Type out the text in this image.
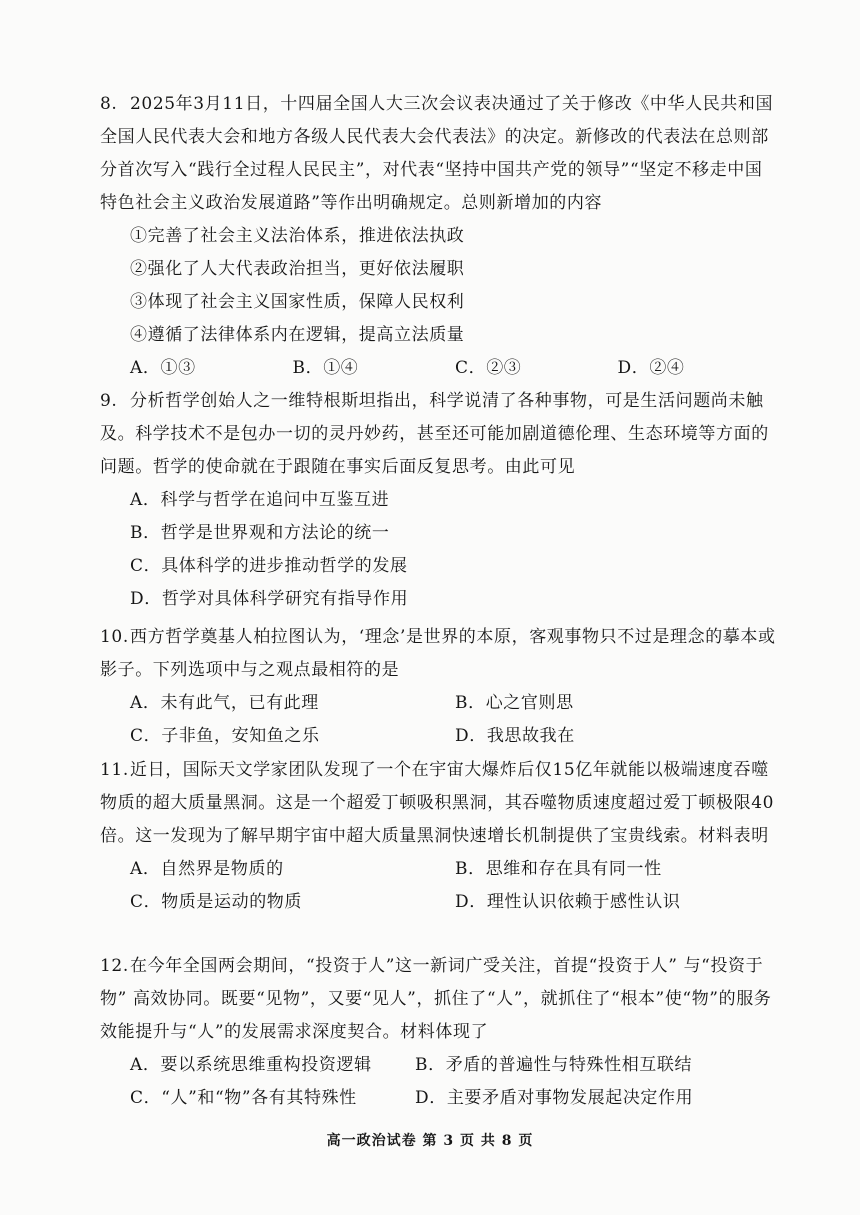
8. 2025年3月11日，十四届全国人大三次会议表决通过了关于修改《中华人民共和国全国人民代表大会和地方各级人民代表大会代表法》的决定。新修改的代表法在总则部分首次写入“践行全过程人民民主”，对代表“坚持中国共产党的领导”“坚定不移走中国特色社会主义政治发展道路”等作出明确规定。总则新增加的内容

①完善了社会主义法治体系，推进依法执政

②强化了人大代表政治担当，更好依法履职

③体现了社会主义国家性质，保障人民权利

④遵循了法律体系内在逻辑，提高立法质量

A．①③	B．①④	C．②③	D．②④

9. 分析哲学创始人之一维特根斯坦指出，科学说清了各种事物，可是生活问题尚未触及。科学技术不是包办一切的灵丹妙药，甚至还可能加剧道德伦理、生态环境等方面的问题。哲学的使命就在于跟随在事实后面反复思考。由此可见

A．科学与哲学在追问中互鉴互进

B．哲学是世界观和方法论的统一

C．具体科学的进步推动哲学的发展

D．哲学对具体科学研究有指导作用

10.西方哲学奠基人柏拉图认为，‘理念’是世界的本原，客观事物只不过是理念的摹本或影子。下列选项中与之观点最相符的是

A．未有此气，已有此理	B．心之官则思
C．子非鱼，安知鱼之乐	D．我思故我在

11.近日，国际天文学家团队发现了一个在宇宙大爆炸后仅15亿年就能以极端速度吞噬物质的超大质量黑洞。这是一个超爱丁顿吸积黑洞，其吞噬物质速度超过爱丁顿极限40倍。这一发现为了解早期宇宙中超大质量黑洞快速增长机制提供了宝贵线索。材料表明

A．自然界是物质的	B．思维和存在具有同一性
C．物质是运动的物质	D．理性认识依赖于感性认识

12.在今年全国两会期间，“投资于人”这一新词广受关注，首提“投资于人” 与“投资于物” 高效协同。既要“见物”，又要“见人”，抓住了“人”，就抓住了“根本”使“物”的服务效能提升与“人”的发展需求深度契合。材料体现了

A．要以系统思维重构投资逻辑	B．矛盾的普遍性与特殊性相互联结
C．“人”和“物”各有其特殊性	D．主要矛盾对事物发展起决定作用
高一政治试卷 第 3 页 共 8 页
